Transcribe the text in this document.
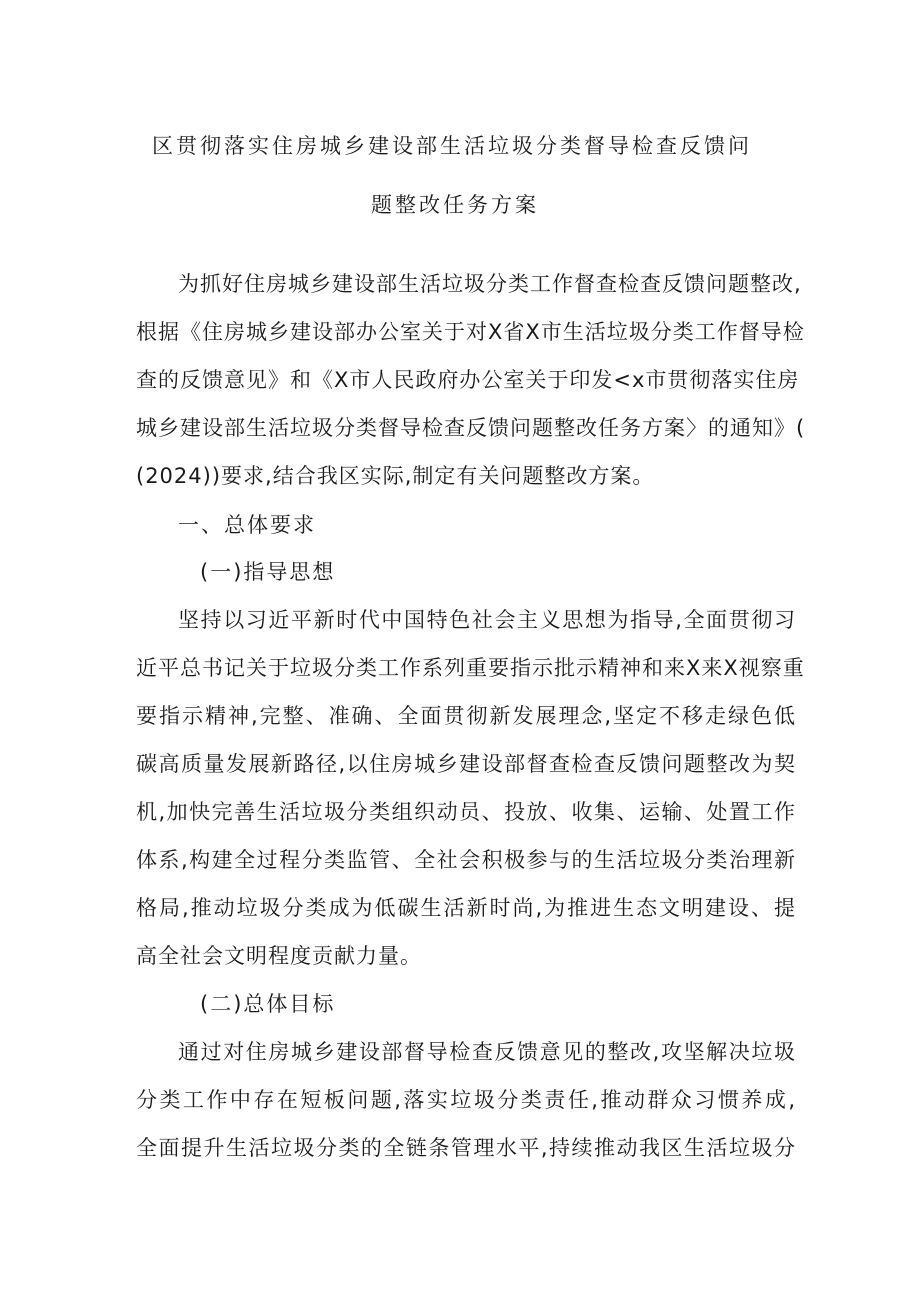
区贯彻落实住房城乡建设部生活垃圾分类督导检查反馈问
题整改任务方案
为抓好住房城乡建设部生活垃圾分类工作督查检查反馈问题整改,
根据《住房城乡建设部办公室关于对X省X市生活垃圾分类工作督导检
查的反馈意见》和《X市人民政府办公室关于印发<x市贯彻落实住房
城乡建设部生活垃圾分类督导检查反馈问题整改任务方案〉的通知》(
(2024))要求,结合我区实际,制定有关问题整改方案。
一、总体要求
(一)指导思想
坚持以习近平新时代中国特色社会主义思想为指导,全面贯彻习
近平总书记关于垃圾分类工作系列重要指示批示精神和来X来X视察重
要指示精神,完整、准确、全面贯彻新发展理念,坚定不移走绿色低
碳高质量发展新路径,以住房城乡建设部督查检查反馈问题整改为契
机,加快完善生活垃圾分类组织动员、投放、收集、运输、处置工作
体系,构建全过程分类监管、全社会积极参与的生活垃圾分类治理新
格局,推动垃圾分类成为低碳生活新时尚,为推进生态文明建设、提
高全社会文明程度贡献力量。
(二)总体目标
通过对住房城乡建设部督导检查反馈意见的整改,攻坚解决垃圾
分类工作中存在短板问题,落实垃圾分类责任,推动群众习惯养成,
全面提升生活垃圾分类的全链条管理水平,持续推动我区生活垃圾分
